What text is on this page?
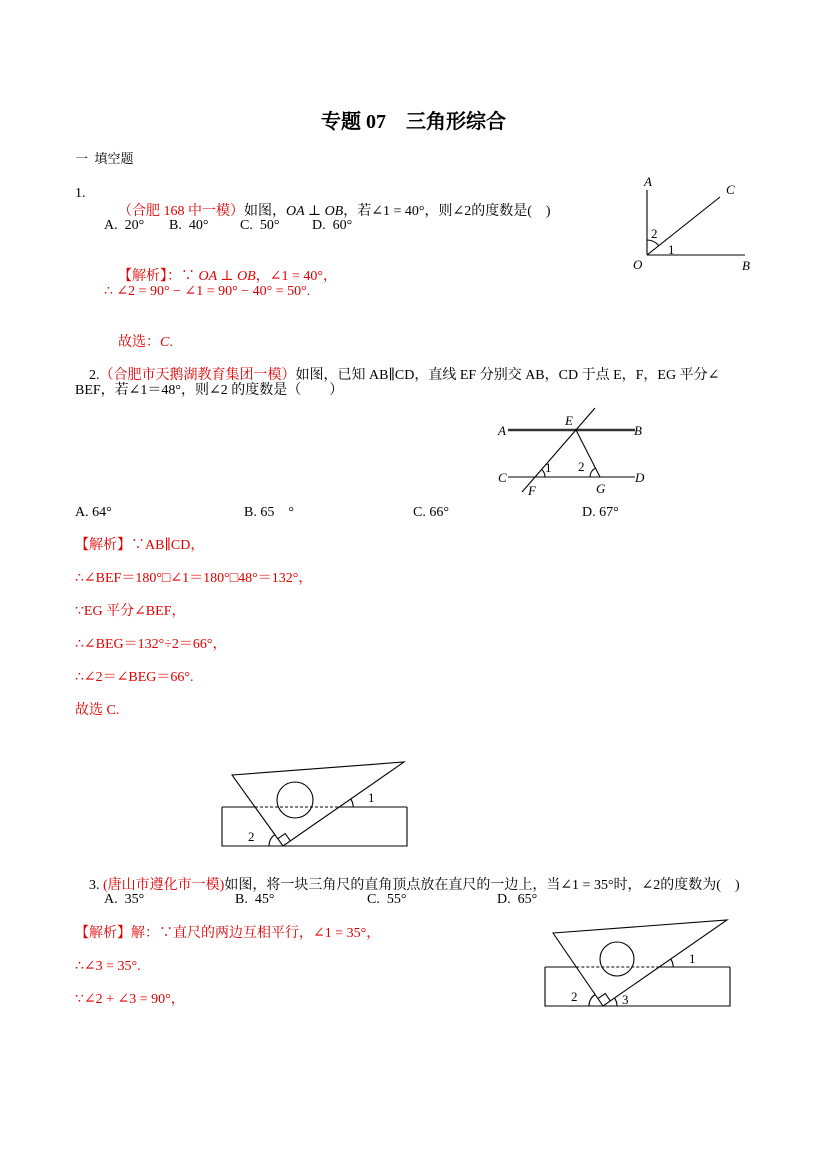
专题 07　三角形综合
一  填空题
1.

（合肥 168 中一模）如图，OA ⊥ OB，若∠1 = 40°，则∠2的度数是(    )

A.  20° B.  40° C.  50° D.  60°

【解析】：∵ OA ⊥ OB，∠1 = 40°，

∴ ∠2 = 90° − ∠1 = 90° − 40° = 50°.

故选：C.

A
C
O	B
2
1

2.（合肥市天鹅湖教育集团一模）如图，已知 AB∥CD，直线 EF 分别交 AB，CD 于点 E，F，EG 平分∠

BEF，若∠1＝48°，则∠2 的度数是（　　）
A
E
B
C	D
F	G
1 2
A. 64°	B. 65    °	C. 66°	D. 67°
【解析】∵AB∥CD，
∴∠BEF＝180°□∠1＝180°□48°＝132°，
∵EG 平分∠BEF，
∴∠BEG＝132°÷2＝66°，
∴∠2＝∠BEG＝66°.
故选 C.
1
2

3. (唐山市遵化市一模)如图，将一块三角尺的直角顶点放在直尺的一边上，当∠1 = 35°时，∠2的度数为(    )

A.  35°	B.  45°	C.  55°	D.  65°
【解析】解：∵直尺的两边互相平行，∠1 = 35°，
∴∠3 = 35°.
∵∠2 + ∠3 = 90°，
1
2	3
